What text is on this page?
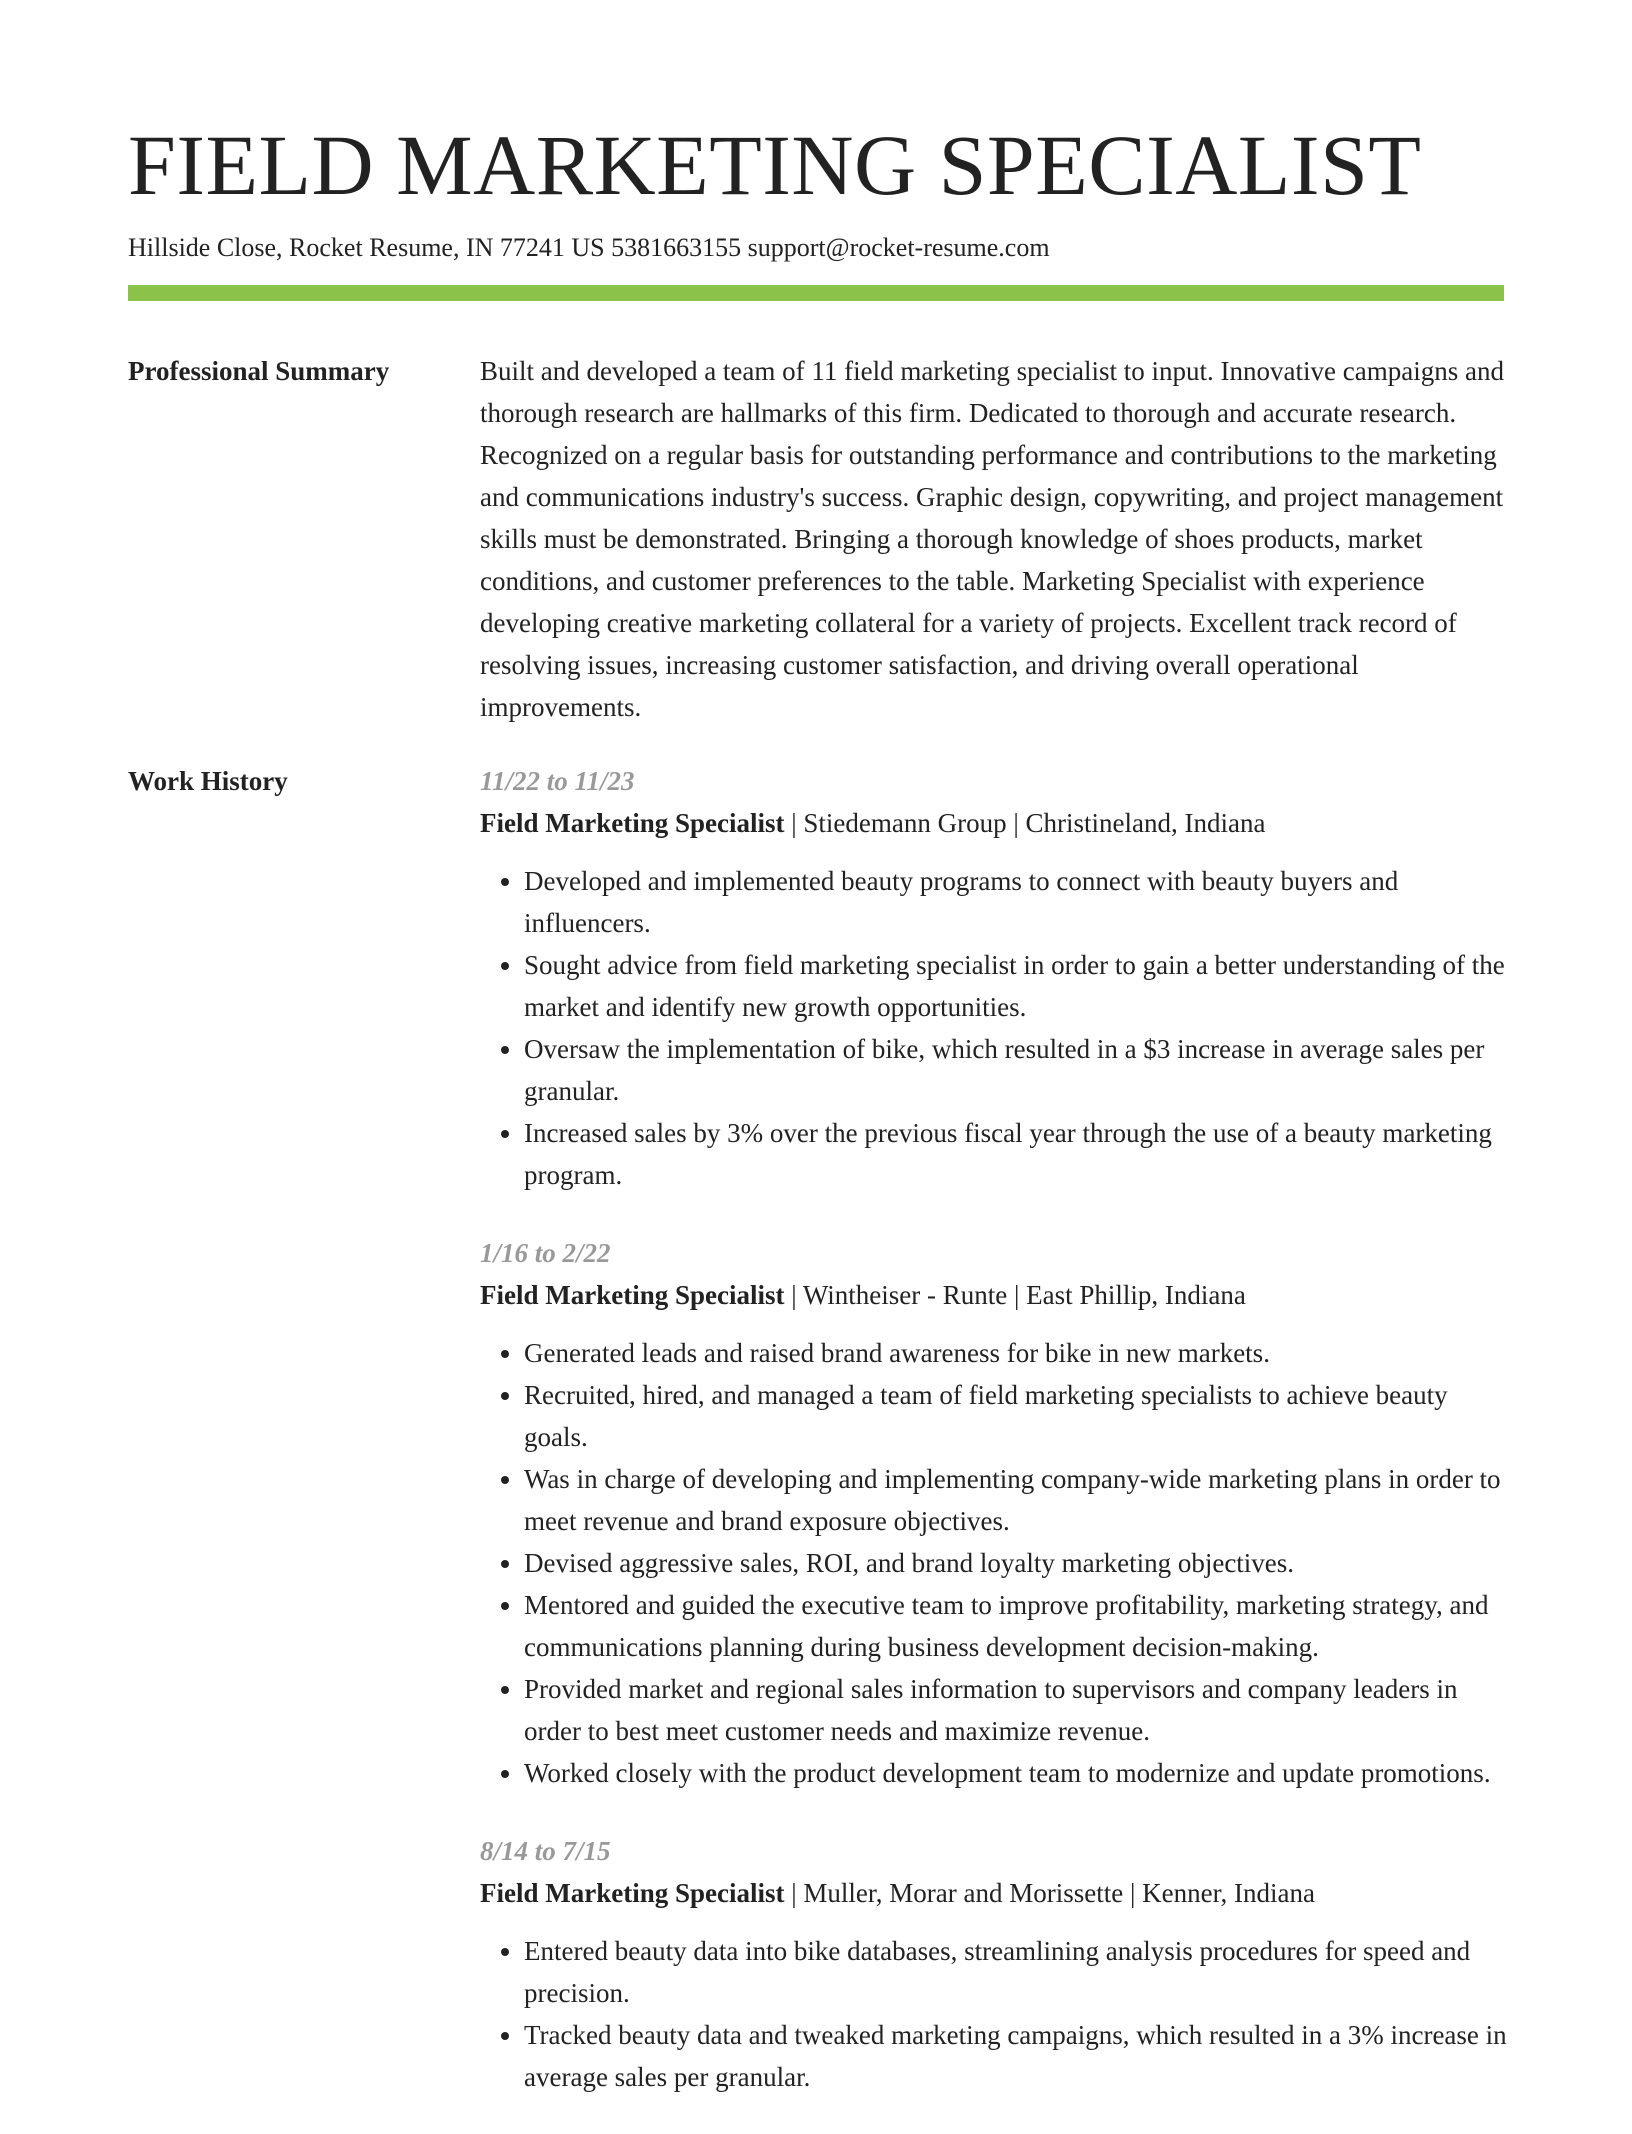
FIELD MARKETING SPECIALIST
Hillside Close, Rocket Resume, IN 77241 US 5381663155 support@rocket-resume.com
Professional Summary	Built and developed a team of 11 field marketing specialist to input. Innovative campaigns and thorough research are hallmarks of this firm. Dedicated to thorough and accurate research. Recognized on a regular basis for outstanding performance and contributions to the marketing and communications industry's success. Graphic design, copywriting, and project management skills must be demonstrated. Bringing a thorough knowledge of shoes products, market conditions, and customer preferences to the table. Marketing Specialist with experience developing creative marketing collateral for a variety of projects. Excellent track record of resolving issues, increasing customer satisfaction, and driving overall operational improvements.

Work History	11/22 to 11/23

Field Marketing Specialist | Stiedemann Group | Christineland, Indiana

• Developed and implemented beauty programs to connect with beauty buyers and influencers.
• Sought advice from field marketing specialist in order to gain a better understanding of the market and identify new growth opportunities.
• Oversaw the implementation of bike, which resulted in a $3 increase in average sales per granular.
• Increased sales by 3% over the previous fiscal year through the use of a beauty marketing program.

1/16 to 2/22

Field Marketing Specialist | Wintheiser - Runte | East Phillip, Indiana

• Generated leads and raised brand awareness for bike in new markets.
• Recruited, hired, and managed a team of field marketing specialists to achieve beauty goals.
• Was in charge of developing and implementing company-wide marketing plans in order to meet revenue and brand exposure objectives.
• Devised aggressive sales, ROI, and brand loyalty marketing objectives.
• Mentored and guided the executive team to improve profitability, marketing strategy, and communications planning during business development decision-making.
• Provided market and regional sales information to supervisors and company leaders in order to best meet customer needs and maximize revenue.
• Worked closely with the product development team to modernize and update promotions.

8/14 to 7/15

Field Marketing Specialist | Muller, Morar and Morissette | Kenner, Indiana

• Entered beauty data into bike databases, streamlining analysis procedures for speed and precision.
• Tracked beauty data and tweaked marketing campaigns, which resulted in a 3% increase in average sales per granular.
